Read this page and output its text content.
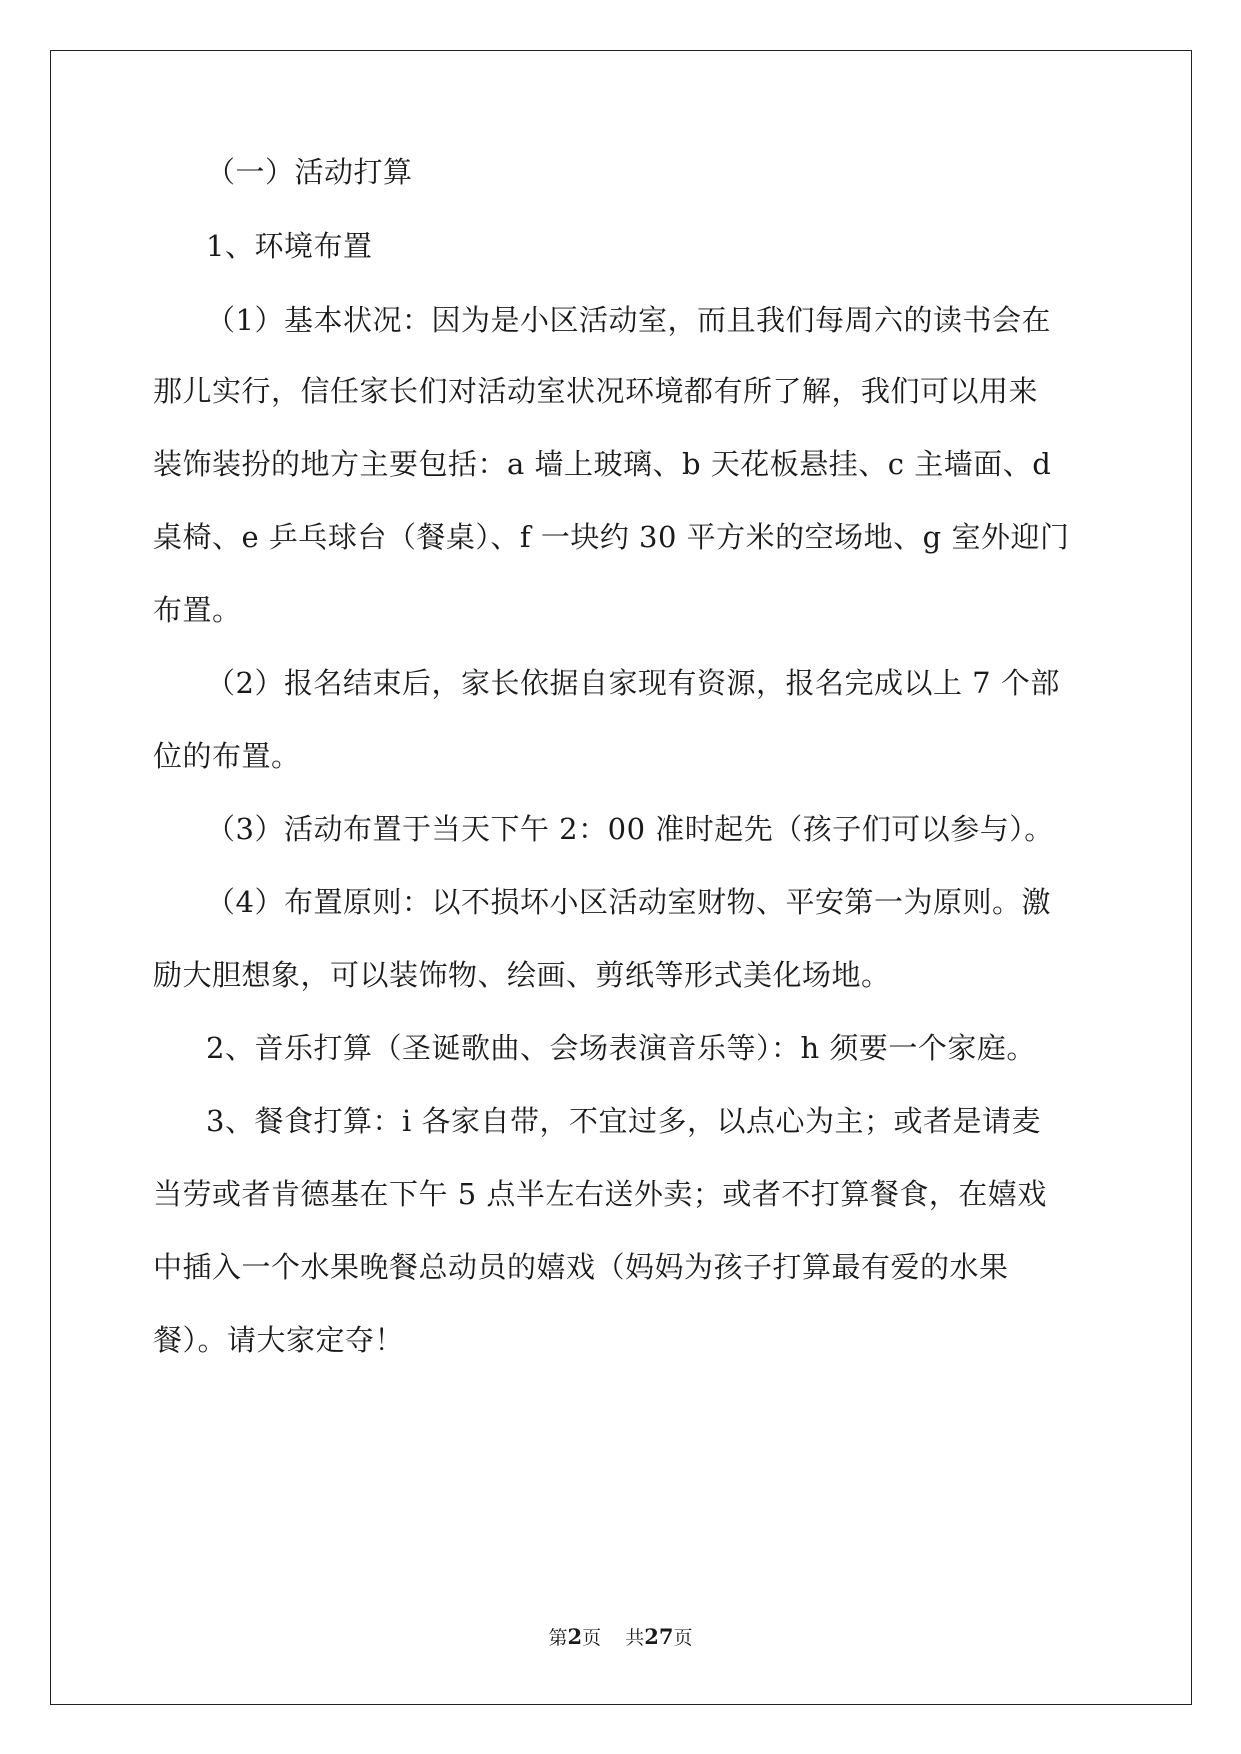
（一）活动打算
1、环境布置
（1）基本状况：因为是小区活动室，而且我们每周六的读书会在
那儿实行，信任家长们对活动室状况环境都有所了解，我们可以用来
装饰装扮的地方主要包括：a 墙上玻璃、b 天花板悬挂、c 主墙面、d
桌椅、e 乒乓球台（餐桌）、f 一块约 30 平方米的空场地、g 室外迎门
布置。
（2）报名结束后，家长依据自家现有资源，报名完成以上 7 个部
位的布置。
（3）活动布置于当天下午 2：00 准时起先（孩子们可以参与）。
（4）布置原则：以不损坏小区活动室财物、平安第一为原则。激
励大胆想象，可以装饰物、绘画、剪纸等形式美化场地。
2、音乐打算（圣诞歌曲、会场表演音乐等）：h 须要一个家庭。
3、餐食打算：i 各家自带，不宜过多，以点心为主；或者是请麦
当劳或者肯德基在下午 5 点半左右送外卖；或者不打算餐食，在嬉戏
中插入一个水果晚餐总动员的嬉戏（妈妈为孩子打算最有爱的水果
餐）。请大家定夺！
第2页 共27页
